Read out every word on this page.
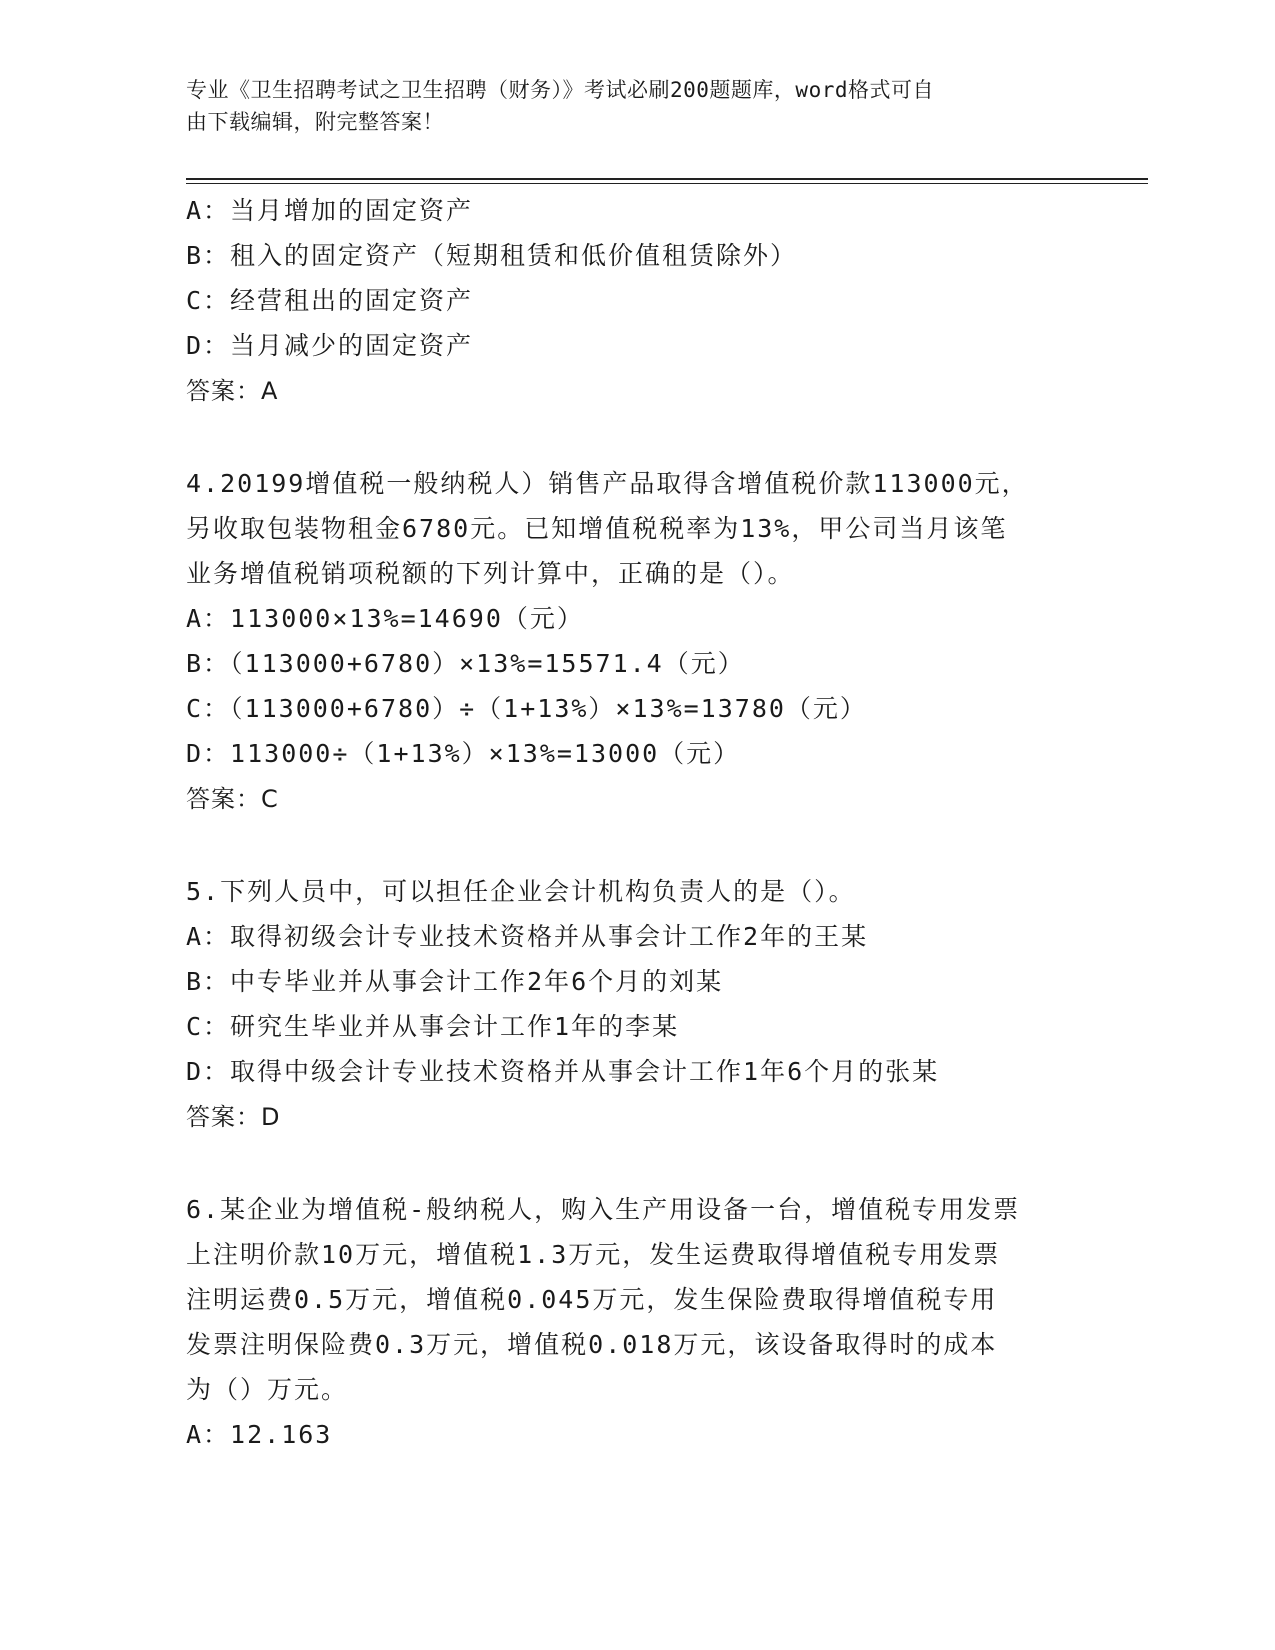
专业《卫生招聘考试之卫生招聘（财务）》考试必刷200题题库，word格式可自
由下载编辑，附完整答案！
A：当月增加的固定资产
B：租入的固定资产（短期租赁和低价值租赁除外）
C：经营租出的固定资产
D：当月减少的固定资产
答案：A
4.20199增值税一般纳税人）销售产品取得含增值税价款113000元，
另收取包装物租金6780元。已知增值税税率为13%，甲公司当月该笔
业务增值税销项税额的下列计算中，正确的是（）。
A：113000×13%=14690（元）
B：（113000+6780）×13%=15571.4（元）
C：（113000+6780）÷（1+13%）×13%=13780（元）
D：113000÷（1+13%）×13%=13000（元）
答案：C
5.下列人员中，可以担任企业会计机构负责人的是（）。
A：取得初级会计专业技术资格并从事会计工作2年的王某
B：中专毕业并从事会计工作2年6个月的刘某
C：研究生毕业并从事会计工作1年的李某
D：取得中级会计专业技术资格并从事会计工作1年6个月的张某
答案：D
6.某企业为增值税-般纳税人，购入生产用设备一台，增值税专用发票
上注明价款10万元，增值税1.3万元，发生运费取得增值税专用发票
注明运费0.5万元，增值税0.045万元，发生保险费取得增值税专用
发票注明保险费0.3万元，增值税0.018万元，该设备取得时的成本
为（）万元。
A：12.163
